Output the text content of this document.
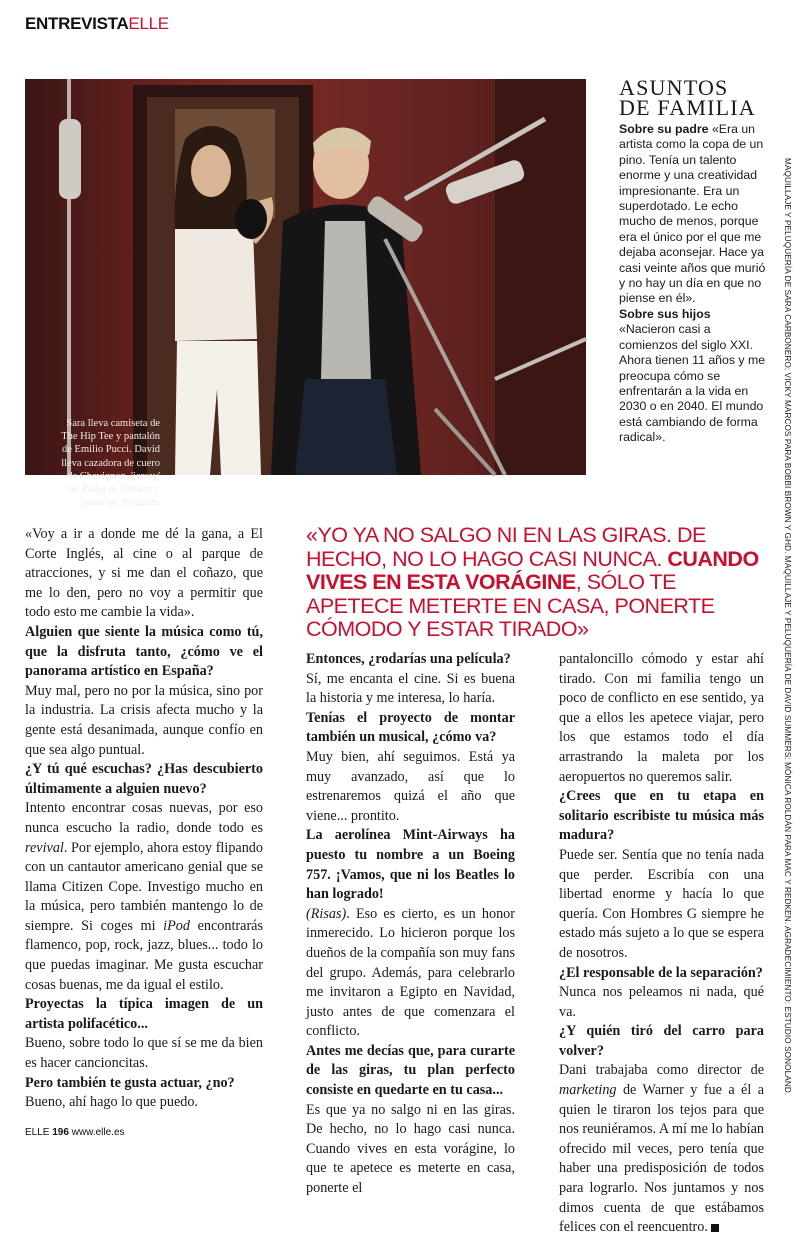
ENTREVISTAELLE
Sara lleva camiseta de The Hip Tee y pantalón de Emilio Pucci. David lleva cazadora de cuero de Chevignon, 'jersey' de Zadig & Voltaire y 'jeans' de Religion.
ASUNTOS
DE FAMILIA

Sobre su padre «Era un artista como la copa de un pino. Tenía un talento enorme y una creatividad impresionante. Era un superdotado. Le echo mucho de menos, porque era el único por el que me dejaba aconsejar. Hace ya casi veinte años que murió y no hay un día en que no piense en él».

Sobre sus hijos «Nacieron casi a comienzos del siglo XXI. Ahora tienen 11 años y me preocupa cómo se enfrentarán a la vida en 2030 o en 2040. El mundo está cambiando de forma radical».	MAQUILLAJE Y PELUQUERÍA DE SARA CARBONERO: VICKY MARCOS PARA BOBBI BROWN Y GHD. MAQUILLAJE Y PELUQUERÍA DE DAVID SUMMERS: MÓNICA ROLDÁN PARA MAC Y REDKEN. AGRADECIMIENTO: ESTUDIO SONOLAND.
«YO YA NO SALGO NI EN LAS GIRAS. DE HECHO, NO LO HAGO CASI NUNCA. CUANDO VIVES EN ESTA VORÁGINE, SÓLO TE APETECE METERTE EN CASA, PONERTE CÓMODO Y ESTAR TIRADO»

«Voy a ir a donde me dé la gana, a El Corte Inglés, al cine o al parque de atracciones, y si me dan el coñazo, que me lo den, pero no voy a permitir que todo esto me cambie la vida».

Alguien que siente la música como tú, que la disfruta tanto, ¿cómo ve el panorama artístico en España?

Muy mal, pero no por la música, sino por la industria. La crisis afecta mucho y la gente está desanimada, aunque confío en que sea algo puntual.

¿Y tú qué escuchas? ¿Has descubierto últimamente a alguien nuevo?

Intento encontrar cosas nuevas, por eso nunca escucho la radio, donde todo es revival. Por ejemplo, ahora estoy flipando con un cantautor americano genial que se llama Citizen Cope. Investigo mucho en la música, pero también mantengo lo de siempre. Si coges mi iPod encontrarás flamenco, pop, rock, jazz, blues... todo lo que puedas imaginar. Me gusta escuchar cosas buenas, me da igual el estilo.

Proyectas la típica imagen de un artista polifacético...

Bueno, sobre todo lo que sí se me da bien es hacer cancioncitas.

Pero también te gusta actuar, ¿no?

Bueno, ahí hago lo que puedo.

Entonces, ¿rodarías una película?

Sí, me encanta el cine. Si es buena la historia y me interesa, lo haría.

Tenías el proyecto de montar también un musical, ¿cómo va?

Muy bien, ahí seguimos. Está ya muy avanzado, así que lo estrenaremos quizá el año que viene... prontito.

La aerolínea Mint-Airways ha puesto tu nombre a un Boeing 757. ¡Vamos, que ni los Beatles lo han logrado!

(Risas). Eso es cierto, es un honor inmerecido. Lo hicieron porque los dueños de la compañía son muy fans del grupo. Además, para celebrarlo me invitaron a Egipto en Navidad, justo antes de que comenzara el conflicto.

Antes me decías que, para curarte de las giras, tu plan perfecto consiste en quedarte en tu casa...

Es que ya no salgo ni en las giras. De hecho, no lo hago casi nunca. Cuando vives en esta vorágine, lo que te apetece es meterte en casa, ponerte el

pantaloncillo cómodo y estar ahí tirado. Con mi familia tengo un poco de conflicto en ese sentido, ya que a ellos les apetece viajar, pero los que estamos todo el día arrastrando la maleta por los aeropuertos no queremos salir.

¿Crees que en tu etapa en solitario escribiste tu música más madura?

Puede ser. Sentía que no tenía nada que perder. Escribía con una libertad enorme y hacía lo que quería. Con Hombres G siempre he estado más sujeto a lo que se espera de nosotros.

¿El responsable de la separación?

Nunca nos peleamos ni nada, qué va.

¿Y quién tiró del carro para volver?

Dani trabajaba como director de marketing de Warner y fue a él a quien le tiraron los tejos para que nos reuniéramos. A mí me lo habían ofrecido mil veces, pero tenía que haber una predisposición de todos para lograrlo. Nos juntamos y nos dimos cuenta de que estábamos felices con el reencuentro.

ELLE 196 www.elle.es
